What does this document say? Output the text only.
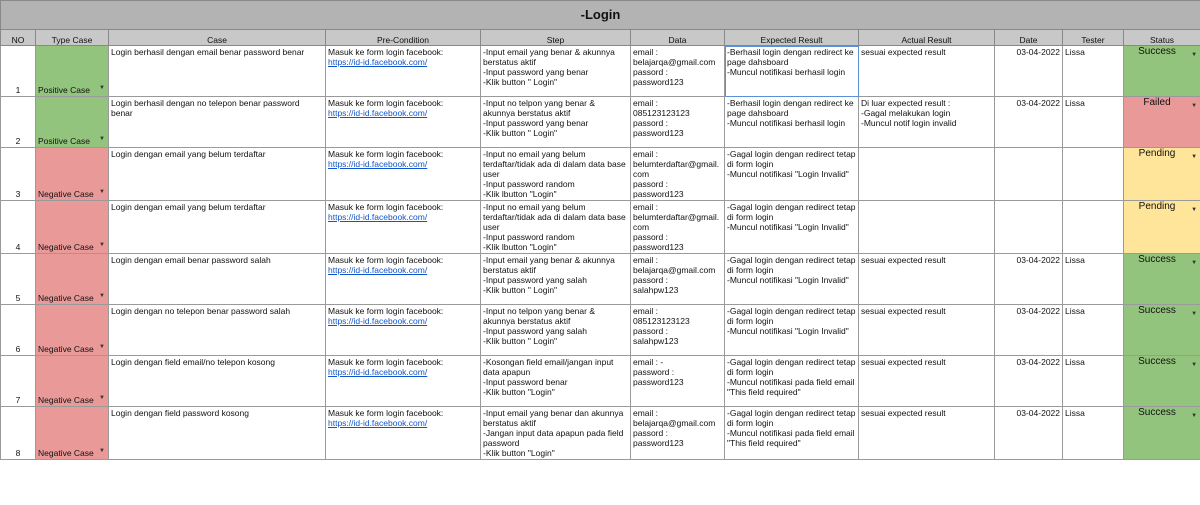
-Login										
NO	Type Case	Case	Pre-Condition	Step	Data	Expected Result	Actual Result	Date	Tester	Status
1	Positive Case ▼	Login berhasil dengan email benar password benar	Masuk ke form login facebook:
https://id-id.facebook.com/	-Input email yang benar & akunnya berstatus aktif
-Input password yang benar
-Klik button " Login"	email :
belajarqa@gmail.com
passord :
password123	-Berhasil login dengan redirect ke page dahsboard
-Muncul notifikasi berhasil login	sesuai expected result	03-04-2022	Lissa	Success ▼

2	Positive Case ▼	Login berhasil dengan no telepon benar password benar	Masuk ke form login facebook:
https://id-id.facebook.com/	-Input no telpon yang benar & akunnya berstatus aktif
-Input password yang benar
-Klik button " Login"	email :
085123123123
passord :
password123	-Berhasil login dengan redirect ke page dahsboard
-Muncul notifikasi berhasil login	Di luar expected result :
-Gagal melakukan login
-Muncul notif login invalid	03-04-2022	Lissa	Failed ▼

3	Negative Case ▼	Login dengan email yang belum terdaftar	Masuk ke form login facebook:
https://id-id.facebook.com/	-Input no email yang belum terdaftar/tidak ada di dalam data base user
-Input password random
-Klik lbutton "Login"	email :
belumterdaftar@gmail.
com
passord :
password123	-Gagal login dengan redirect tetap di form login
-Muncul notifikasi "Login Invalid"				Pending ▼

4	Negative Case ▼	Login dengan email yang belum terdaftar	Masuk ke form login facebook:
https://id-id.facebook.com/	-Input no email yang belum terdaftar/tidak ada di dalam data base user
-Input password random
-Klik lbutton "Login"	email :
belumterdaftar@gmail.
com
passord :
password123	-Gagal login dengan redirect tetap di form login
-Muncul notifikasi "Login Invalid"				Pending ▼

5	Negative Case ▼	Login dengan email benar password salah	Masuk ke form login facebook:
https://id-id.facebook.com/	-Input email yang benar & akunnya berstatus aktif
-Input password yang salah
-Klik button " Login"	email :
belajarqa@gmail.com
passord :
salahpw123	-Gagal login dengan redirect tetap di form login
-Muncul notifikasi "Login Invalid"	sesuai expected result	03-04-2022	Lissa	Success ▼

6	Negative Case ▼	Login dengan no telepon benar password salah	Masuk ke form login facebook:
https://id-id.facebook.com/	-Input no telpon yang benar & akunnya berstatus aktif
-Input password yang salah
-Klik button " Login"	email :
085123123123
passord :
salahpw123	-Gagal login dengan redirect tetap di form login
-Muncul notifikasi "Login Invalid"	sesuai expected result	03-04-2022	Lissa	Success ▼

7	Negative Case ▼	Login dengan field email/no telepon kosong	Masuk ke form login facebook:
https://id-id.facebook.com/	-Kosongan field email/jangan input data apapun
-Input password benar
-Klik button "Login"	email : -
password :
password123	-Gagal login dengan redirect tetap di form login
-Muncul notifikasi pada field email "This field required"	sesuai expected result	03-04-2022	Lissa	Success ▼

8	Negative Case ▼	Login dengan field password kosong	Masuk ke form login facebook:
https://id-id.facebook.com/	-Input email yang benar dan akunnya berstatus aktif
-Jangan input data apapun pada field password
-Klik button "Login"	email :
belajarqa@gmail.com
passord :
password123	-Gagal login dengan redirect tetap di form login
-Muncul notifikasi pada field email "This field required"	sesuai expected result	03-04-2022	Lissa	Success ▼
